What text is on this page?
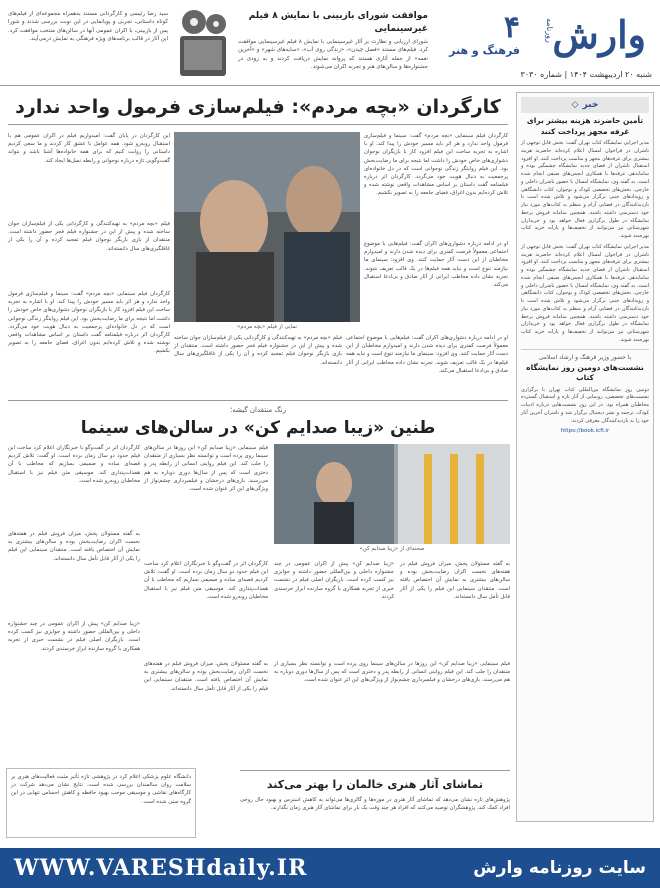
وارش
روزنامه
۴
فرهنگ و هنر
شنبه ۲۰ اردیبهشت ۱۴۰۴ | شماره ۳۰۳۰
موافقت شورای بازبینی با نمایش ۸ فیلم غیرسینمایی

شورای ارزیابی و نظارت بر آثار غیرسینمایی با نمایش ۸ فیلم غیرسینمایی موافقت کرد. فیلم‌های مستند «فصل چیدن»، «زندگی روی آب»، «سایه‌های شهر» و «آخرین نغمه» از جمله آثاری هستند که پروانه نمایش دریافت کردند و به زودی در جشنواره‌ها و سالن‌های هنر و تجربه اکران می‌شوند.

سید رضا رئیسی و کارگردانی مستند به‌همراه مجموعه‌ای از فیلم‌های کوتاه داستانی، تجربی و پویانمایی در این نوبت بررسی شدند و شورا پس از بازبینی، با اکران عمومی آنها در سالن‌های منتخب موافقت کرد. این آثار در قالب برنامه‌های ویژه فرهنگی به نمایش درمی‌آیند.

خبر
◇
تأمین حاضرند هزینه بیشتر برای غرفه مجهز پرداخت کنند
مدیر اجرایی نمایشگاه کتاب تهران گفت: بخش قابل توجهی از ناشران در فراخوان امسال اعلام کرده‌اند حاضرند هزینه بیشتری برای غرفه‌های مجهز و مناسب پرداخت کنند. او افزود استقبال ناشران از فضای جدید نمایشگاه چشمگیر بوده و ساماندهی غرفه‌ها با همکاری انجمن‌های صنفی انجام شده است. به گفته وی، نمایشگاه امسال با حضور ناشران داخلی و خارجی، بخش‌های تخصصی کودک و نوجوان، کتاب دانشگاهی و رویدادهای جنبی برگزار می‌شود و تلاش شده است تا بازدیدکنندگان در فضایی آرام و منظم به کتاب‌های مورد نیاز خود دسترسی داشته باشند. همچنین سامانه فروش برخط نمایشگاه در طول برگزاری فعال خواهد بود و خریداران شهرستانی نیز می‌توانند از تخفیف‌ها و یارانه خرید کتاب بهره‌مند شوند.
مدیر اجرایی نمایشگاه کتاب تهران گفت: بخش قابل توجهی از ناشران در فراخوان امسال اعلام کرده‌اند حاضرند هزینه بیشتری برای غرفه‌های مجهز و مناسب پرداخت کنند. او افزود استقبال ناشران از فضای جدید نمایشگاه چشمگیر بوده و ساماندهی غرفه‌ها با همکاری انجمن‌های صنفی انجام شده است. به گفته وی، نمایشگاه امسال با حضور ناشران داخلی و خارجی، بخش‌های تخصصی کودک و نوجوان، کتاب دانشگاهی و رویدادهای جنبی برگزار می‌شود و تلاش شده است تا بازدیدکنندگان در فضایی آرام و منظم به کتاب‌های مورد نیاز خود دسترسی داشته باشند. همچنین سامانه فروش برخط نمایشگاه در طول برگزاری فعال خواهد بود و خریداران شهرستانی نیز می‌توانند از تخفیف‌ها و یارانه خرید کتاب بهره‌مند شوند.
با حضور وزیر فرهنگ و ارشاد اسلامی
نشست‌های دومین روز نمایشگاه کتاب
دومین روز نمایشگاه بین‌المللی کتاب تهران با برگزاری نشست‌های تخصصی، رونمایی از آثار تازه و استقبال گسترده مخاطبان همراه بود. در این روز نشست‌هایی درباره ادبیات کودک، ترجمه و نشر دیجیتال برگزار شد و ناشران آخرین آثار خود را به بازدیدکنندگان معرفی کردند.
https://book.icfi.ir
کارگردان «بچه مردم»: فیلم‌سازی فرمول واحد ندارد
کارگردان فیلم سینمایی «بچه مردم» گفت: سینما و فیلم‌سازی فرمول واحد ندارد و هر اثر باید مسیر خودش را پیدا کند. او با اشاره به تجربه ساخت این فیلم افزود کار با بازیگران نوجوان دشواری‌های خاص خودش را داشت اما نتیجه برای ما رضایت‌بخش بود. این فیلم روایتگر زندگی نوجوانی است که در دل خانواده‌ای پرجمعیت به دنبال هویت خود می‌گردد. کارگردان اثر درباره فیلمنامه گفت داستان بر اساس مشاهدات واقعی نوشته شده و تلاش کرده‌ایم بدون اغراق، فضای جامعه را به تصویر بکشیم.
او در ادامه درباره دشواری‌های اکران گفت: فیلم‌هایی با موضوع اجتماعی معمولاً فرصت کمتری برای دیده شدن دارند و امیدوارم مخاطبان از این دست آثار حمایت کنند. وی افزود: سینمای ما نیازمند تنوع است و نباید همه فیلم‌ها در یک قالب تعریف شوند. تجربه نشان داده مخاطب ایرانی از آثار صادق و بی‌ادعا استقبال می‌کند.
نمایی از فیلم «بچه مردم»
این کارگردان در پایان گفت: امیدواریم فیلم در اکران عمومی هم با استقبال روبه‌رو شود. همه عوامل با عشق کار کردند و ما سعی کردیم داستانی را روایت کنیم که برای همه خانواده‌ها آشنا باشد و بتواند گفت‌وگویی تازه درباره نوجوانی و رابطه نسل‌ها ایجاد کند.
فیلم «بچه مردم» به تهیه‌کنندگی و کارگردانی یکی از فیلم‌سازان جوان ساخته شده و پیش از این در جشنواره فیلم فجر حضور داشته است. منتقدان از بازی بازیگر نوجوان فیلم تمجید کرده و آن را یکی از غافلگیری‌های سال دانسته‌اند.
کارگردان فیلم سینمایی «بچه مردم» گفت: سینما و فیلم‌سازی فرمول واحد ندارد و هر اثر باید مسیر خودش را پیدا کند. او با اشاره به تجربه ساخت این فیلم افزود کار با بازیگران نوجوان دشواری‌های خاص خودش را داشت اما نتیجه برای ما رضایت‌بخش بود. این فیلم روایتگر زندگی نوجوانی است که در دل خانواده‌ای پرجمعیت به دنبال هویت خود می‌گردد. کارگردان اثر درباره فیلمنامه گفت داستان بر اساس مشاهدات واقعی نوشته شده و تلاش کرده‌ایم بدون اغراق، فضای جامعه را به تصویر بکشیم.
او در ادامه درباره دشواری‌های اکران گفت: فیلم‌هایی با موضوع اجتماعی معمولاً فرصت کمتری برای دیده شدن دارند و امیدوارم مخاطبان از این دست آثار حمایت کنند. وی افزود: سینمای ما نیازمند تنوع است و نباید همه فیلم‌ها در یک قالب تعریف شوند. تجربه نشان داده مخاطب ایرانی از آثار صادق و بی‌ادعا استقبال می‌کند.
فیلم «بچه مردم» به تهیه‌کنندگی و کارگردانی یکی از فیلم‌سازان جوان ساخته شده و پیش از این در جشنواره فیلم فجر حضور داشته است. منتقدان از بازی بازیگر نوجوان فیلم تمجید کرده و آن را یکی از غافلگیری‌های سال دانسته‌اند.
رنگ منتقدان گیشه؛
طنین «زیبا صدایم کن» در سالن‌های سینما
صحنه‌ای از «زیبا صدایم کن»
فیلم سینمایی «زیبا صدایم کن» این روزها در سالن‌های سینما روی پرده است و توانسته نظر بسیاری از منتقدان را جلب کند. این فیلم روایتی انسانی از رابطه پدر و دختری است که پس از سال‌ها دوری دوباره به هم می‌رسند. بازی‌های درخشان و فیلمبرداری چشم‌نواز از ویژگی‌های این اثر عنوان شده است.
کارگردان اثر در گفت‌وگو با خبرنگاران اعلام کرد ساخت این فیلم حدود دو سال زمان برده است. او گفت: تلاش کردیم قصه‌ای ساده و صمیمی بسازیم که مخاطب با آن همذات‌پنداری کند. موسیقی متن فیلم نیز با استقبال مخاطبان روبه‌رو شده است.
به گفته مسئولان پخش، میزان فروش فیلم در هفته‌های نخست اکران رضایت‌بخش بوده و سالن‌های بیشتری به نمایش آن اختصاص یافته است. منتقدان سینمایی این فیلم را یکی از آثار قابل تأمل سال دانسته‌اند.
«زیبا صدایم کن» پیش از اکران عمومی در چند جشنواره داخلی و بین‌المللی حضور داشته و جوایزی نیز کسب کرده است. بازیگران اصلی فیلم در نشست خبری از تجربه همکاری با گروه سازنده ابراز خرسندی کردند.
به گفته مسئولان پخش، میزان فروش فیلم در هفته‌های نخست اکران رضایت‌بخش بوده و سالن‌های بیشتری به نمایش آن اختصاص یافته است. منتقدان سینمایی این فیلم را یکی از آثار قابل تأمل سال دانسته‌اند.
«زیبا صدایم کن» پیش از اکران عمومی در چند جشنواره داخلی و بین‌المللی حضور داشته و جوایزی نیز کسب کرده است. بازیگران اصلی فیلم در نشست خبری از تجربه همکاری با گروه سازنده ابراز خرسندی کردند.
کارگردان اثر در گفت‌وگو با خبرنگاران اعلام کرد ساخت این فیلم حدود دو سال زمان برده است. او گفت: تلاش کردیم قصه‌ای ساده و صمیمی بسازیم که مخاطب با آن همذات‌پنداری کند. موسیقی متن فیلم نیز با استقبال مخاطبان روبه‌رو شده است.
فیلم سینمایی «زیبا صدایم کن» این روزها در سالن‌های سینما روی پرده است و توانسته نظر بسیاری از منتقدان را جلب کند. این فیلم روایتی انسانی از رابطه پدر و دختری است که پس از سال‌ها دوری دوباره به هم می‌رسند. بازی‌های درخشان و فیلمبرداری چشم‌نواز از ویژگی‌های این اثر عنوان شده است.
به گفته مسئولان پخش، میزان فروش فیلم در هفته‌های نخست اکران رضایت‌بخش بوده و سالن‌های بیشتری به نمایش آن اختصاص یافته است. منتقدان سینمایی این فیلم را یکی از آثار قابل تأمل سال دانسته‌اند.
تماشای آثار هنری خالمان را بهتر می‌کند
پژوهش‌های تازه نشان می‌دهد که تماشای آثار هنری در موزه‌ها و گالری‌ها می‌تواند به کاهش استرس و بهبود حال روحی افراد کمک کند. پژوهشگران توصیه می‌کنند که افراد هر چند وقت یک بار برای تماشای آثار هنری زمان بگذارند.
دانشگاه علوم پزشکی اعلام کرد در پژوهشی تازه تأثیر مثبت فعالیت‌های هنری بر سلامت روان سالمندان بررسی شده است. نتایج نشان می‌دهد شرکت در کارگاه‌های نقاشی و موسیقی موجب بهبود حافظه و کاهش احساس تنهایی در این گروه سنی شده است.
سایت روزنامه وارش
WWW.VARESHdaily.IR
